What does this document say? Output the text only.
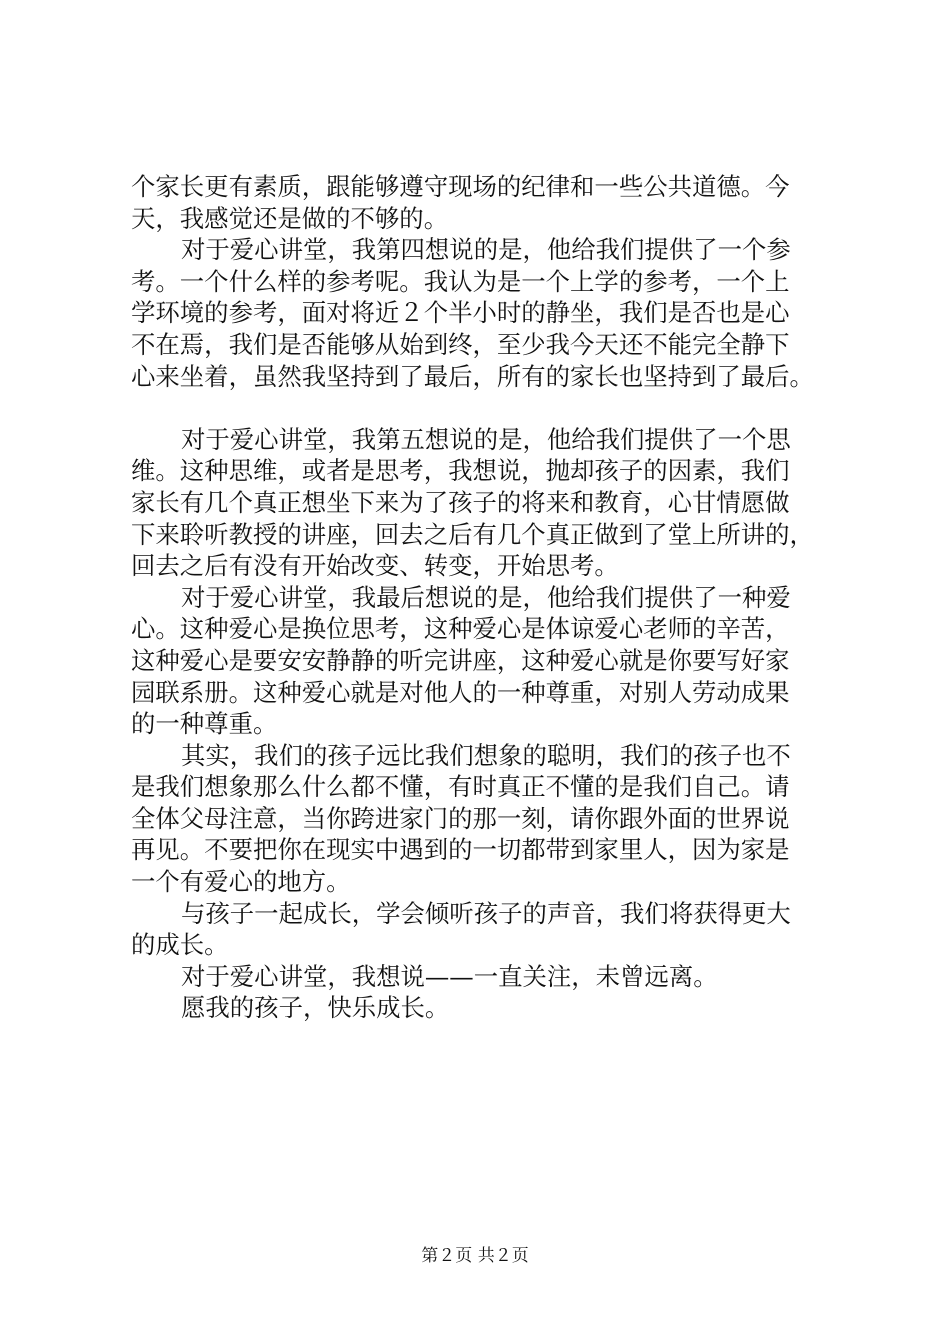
个家长更有素质，跟能够遵守现场的纪律和一些公共道德。今
天，我感觉还是做的不够的。
对于爱心讲堂，我第四想说的是，他给我们提供了一个参
考。一个什么样的参考呢。我认为是一个上学的参考，一个上
学环境的参考，面对将近２个半小时的静坐，我们是否也是心
不在焉，我们是否能够从始到终，至少我今天还不能完全静下
心来坐着，虽然我坚持到了最后，所有的家长也坚持到了最后。
对于爱心讲堂，我第五想说的是，他给我们提供了一个思
维。这种思维，或者是思考，我想说，抛却孩子的因素，我们
家长有几个真正想坐下来为了孩子的将来和教育，心甘情愿做
下来聆听教授的讲座，回去之后有几个真正做到了堂上所讲的，
回去之后有没有开始改变、转变，开始思考。
对于爱心讲堂，我最后想说的是，他给我们提供了一种爱
心。这种爱心是换位思考，这种爱心是体谅爱心老师的辛苦，
这种爱心是要安安静静的听完讲座，这种爱心就是你要写好家
园联系册。这种爱心就是对他人的一种尊重，对别人劳动成果
的一种尊重。
其实，我们的孩子远比我们想象的聪明，我们的孩子也不
是我们想象那么什么都不懂，有时真正不懂的是我们自己。请
全体父母注意，当你跨进家门的那一刻，请你跟外面的世界说
再见。不要把你在现实中遇到的一切都带到家里人，因为家是
一个有爱心的地方。
与孩子一起成长，学会倾听孩子的声音，我们将获得更大
的成长。
对于爱心讲堂，我想说——一直关注，未曾远离。
愿我的孩子，快乐成长。
第２页 共２页
